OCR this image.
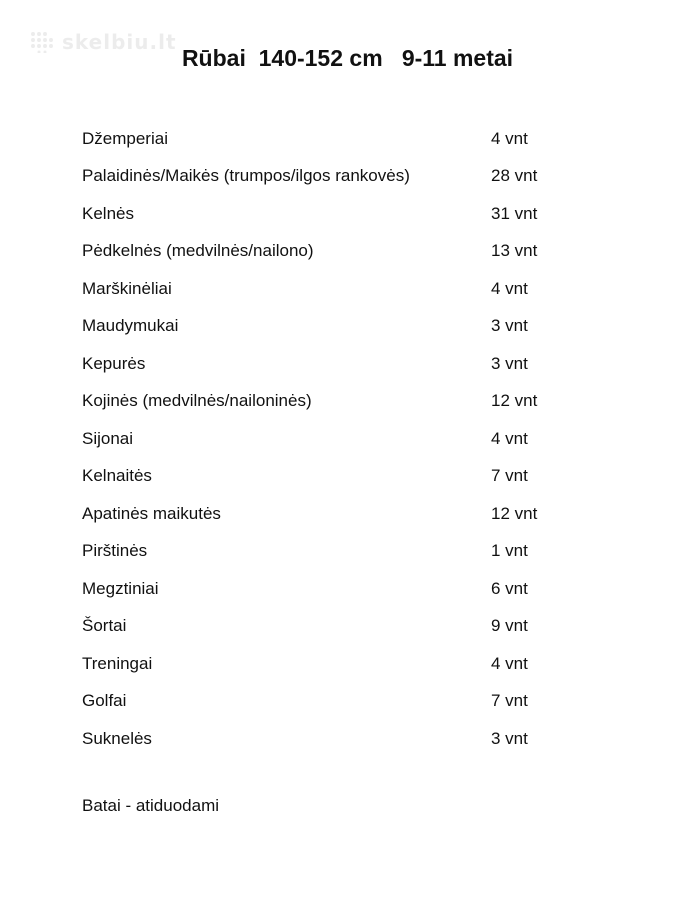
skelbiu.lt
Rūbai  140-152 cm   9-11 metai
Džemperiai	4 vnt
Palaidinės/Maikės (trumpos/ilgos rankovės)	28 vnt
Kelnės	31 vnt
Pėdkelnės (medvilnės/nailono)	13 vnt
Marškinėliai	4 vnt
Maudymukai	3 vnt
Kepurės	3 vnt
Kojinės (medvilnės/nailoninės)	12 vnt
Sijonai	4 vnt
Kelnaitės	7 vnt
Apatinės maikutės	12 vnt
Pirštinės	1 vnt
Megztiniai	6 vnt
Šortai	9 vnt
Treningai	4 vnt
Golfai	7 vnt
Suknelės	3 vnt

Batai - atiduodami
